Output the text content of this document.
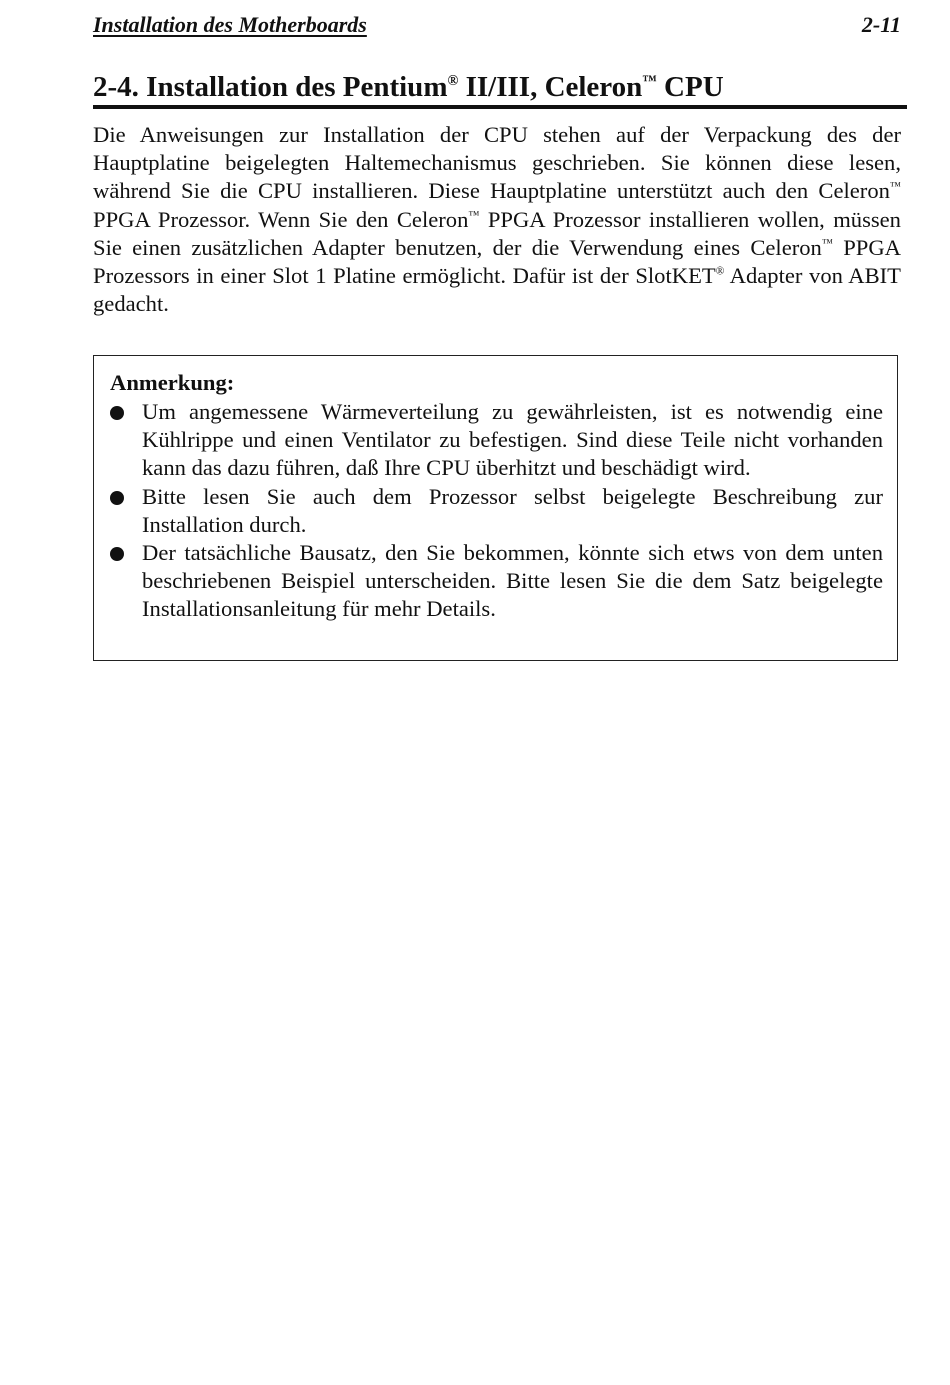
Installation des Motherboards	2-11
2-4. Installation des Pentium® II/III, Celeron™ CPU

Die Anweisungen zur Installation der CPU stehen auf der Verpackung des der Hauptplatine beigelegten Haltemechanismus geschrieben. Sie können diese lesen, während Sie die CPU installieren. Diese Hauptplatine unterstützt auch den Celeron™ PPGA Prozessor. Wenn Sie den Celeron™ PPGA Prozessor installieren wollen, müssen Sie einen zusätzlichen Adapter benutzen, der die Verwendung eines Celeron™ PPGA Prozessors in einer Slot 1 Platine ermöglicht. Dafür ist der SlotKET® Adapter von ABIT gedacht.

Anmerkung:

Um angemessene Wärmeverteilung zu gewährleisten, ist es notwendig eine Kühlrippe und einen Ventilator zu befestigen. Sind diese Teile nicht vorhanden kann das dazu führen, daß Ihre CPU überhitzt und beschädigt wird.
Bitte lesen Sie auch dem Prozessor selbst beigelegte Beschreibung zur Installation durch.
Der tatsächliche Bausatz, den Sie bekommen, könnte sich etws von dem unten beschriebenen Beispiel unterscheiden. Bitte lesen Sie die dem Satz beigelegte Installationsanleitung für mehr Details.
